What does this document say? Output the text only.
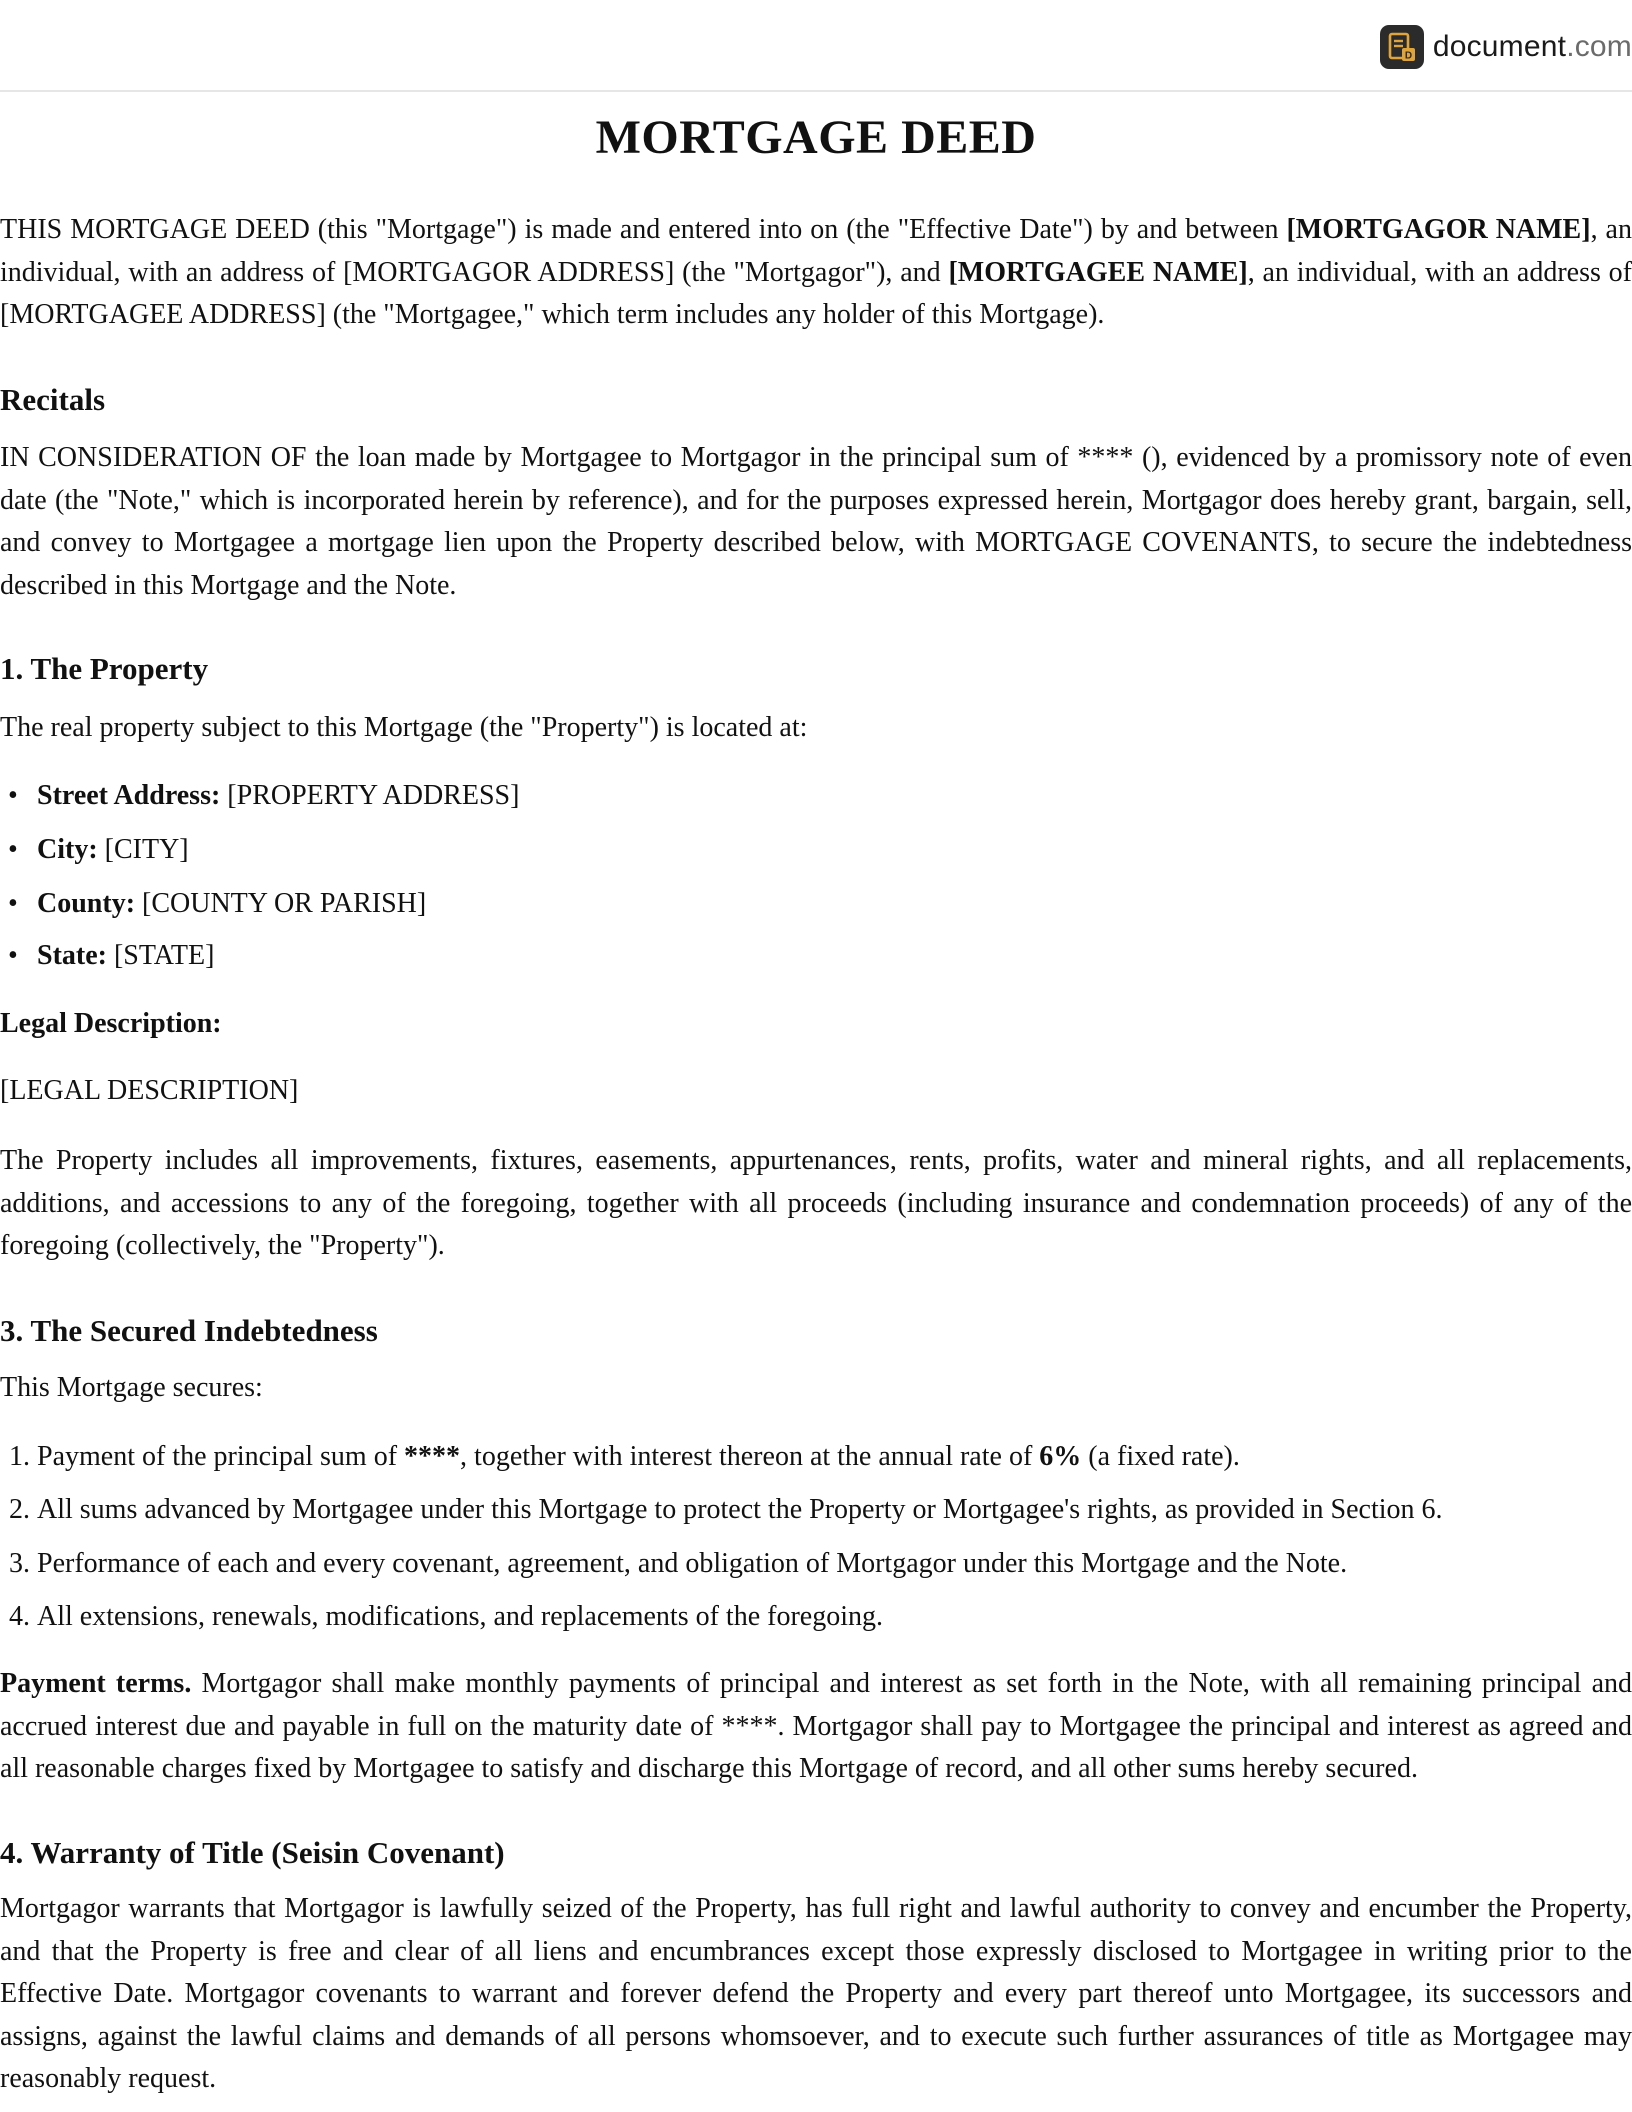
D document.com
MORTGAGE DEED
THIS MORTGAGE DEED (this "Mortgage") is made and entered into on (the "Effective Date") by and between [MORTGAGOR NAME], an individual, with an address of [MORTGAGOR ADDRESS] (the "Mortgagor"), and [MORTGAGEE NAME], an individual, with an address of [MORTGAGEE ADDRESS] (the "Mortgagee," which term includes any holder of this Mortgage).
Recitals
IN CONSIDERATION OF the loan made by Mortgagee to Mortgagor in the principal sum of **** (), evidenced by a promissory note of even date (the "Note," which is incorporated herein by reference), and for the purposes expressed herein, Mortgagor does hereby grant, bargain, sell, and convey to Mortgagee a mortgage lien upon the Property described below, with MORTGAGE COVENANTS, to secure the indebtedness described in this Mortgage and the Note.
1. The Property
The real property subject to this Mortgage (the "Property") is located at:
• Street Address: [PROPERTY ADDRESS]
• City: [CITY]
• County: [COUNTY OR PARISH]
• State: [STATE]
Legal Description:
[LEGAL DESCRIPTION]
The Property includes all improvements, fixtures, easements, appurtenances, rents, profits, water and mineral rights, and all replacements, additions, and accessions to any of the foregoing, together with all proceeds (including insurance and condemnation proceeds) of any of the foregoing (collectively, the "Property").
3. The Secured Indebtedness
This Mortgage secures:
1. Payment of the principal sum of ****, together with interest thereon at the annual rate of 6% (a fixed rate).
2. All sums advanced by Mortgagee under this Mortgage to protect the Property or Mortgagee's rights, as provided in Section 6.
3. Performance of each and every covenant, agreement, and obligation of Mortgagor under this Mortgage and the Note.
4. All extensions, renewals, modifications, and replacements of the foregoing.
Payment terms. Mortgagor shall make monthly payments of principal and interest as set forth in the Note, with all remaining principal and accrued interest due and payable in full on the maturity date of ****. Mortgagor shall pay to Mortgagee the principal and interest as agreed and all reasonable charges fixed by Mortgagee to satisfy and discharge this Mortgage of record, and all other sums hereby secured.
4. Warranty of Title (Seisin Covenant)
Mortgagor warrants that Mortgagor is lawfully seized of the Property, has full right and lawful authority to convey and encumber the Property, and that the Property is free and clear of all liens and encumbrances except those expressly disclosed to Mortgagee in writing prior to the Effective Date. Mortgagor covenants to warrant and forever defend the Property and every part thereof unto Mortgagee, its successors and assigns, against the lawful claims and demands of all persons whomsoever, and to execute such further assurances of title as Mortgagee may reasonably request.
